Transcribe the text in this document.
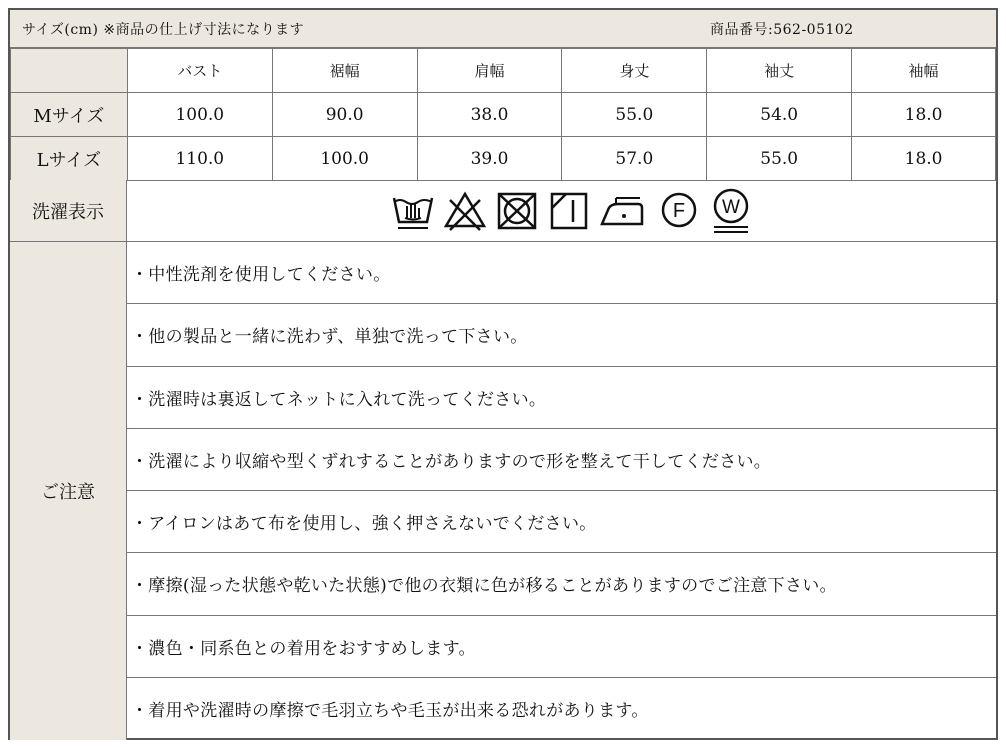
サイズ(cm) ※商品の仕上げ寸法になります	商品番号:562-05102
	バスト	裾幅	肩幅	身丈	袖丈	袖幅
Mサイズ	100.0	90.0	38.0	55.0	54.0	18.0
Lサイズ	110.0	100.0	39.0	57.0	55.0	18.0
洗濯表示	F W
ご注意
・中性洗剤を使用してください。
・他の製品と一緒に洗わず、単独で洗って下さい。
・洗濯時は裏返してネットに入れて洗ってください。
・洗濯により収縮や型くずれすることがありますので形を整えて干してください。
・アイロンはあて布を使用し、強く押さえないでください。
・摩擦(湿った状態や乾いた状態)で他の衣類に色が移ることがありますのでご注意下さい。
・濃色・同系色との着用をおすすめします。
・着用や洗濯時の摩擦で毛羽立ちや毛玉が出来る恐れがあります。
